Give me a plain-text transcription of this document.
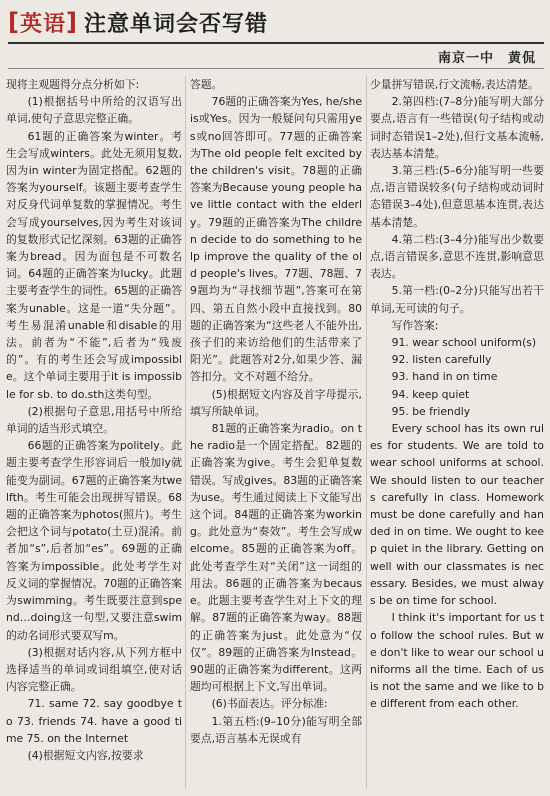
[ 英语 ] 注意单词会否写错
南京一中　黄侃

现将主观题得分点分析如下:

(1)根据括号中所给的汉语写出单词,使句子意思完整正确。

61题的正确答案为winter。考生会写成winters。此处无须用复数,因为in winter为固定搭配。62题的答案为yourself。该题主要考查学生对反身代词单复数的掌握情况。考生会写成yourselves,因为考生对该词的复数形式记忆深刻。63题的正确答案为bread。因为面包是不可数名词。64题的正确答案为lucky。此题主要考查学生的词性。65题的正确答案为unable。这是一道“失分题”。考生易混淆unable和disable的用法。前者为“不能”,后者为“残废的”。有的考生还会写成impossible。这个单词主要用于it is impossible for sb. to do.sth这类句型。

(2)根据句子意思,用括号中所给单词的适当形式填空。

66题的正确答案为politely。此题主要考查学生形容词后一般加ly就能变为副词。67题的正确答案为twelfth。考生可能会出现拼写错误。68题的正确答案为photos(照片)。考生会把这个词与potato(土豆)混淆。前者加“s”,后者加“es”。69题的正确答案为impossible。此处考学生对反义词的掌握情况。70题的正确答案为swimming。考生既要注意到spend…doing这一句型,又要注意swim的动名词形式要双写m。

(3)根据对话内容,从下列方框中选择适当的单词或词组填空,使对话内容完整正确。

71. same 72. say goodbye to 73. friends 74. have a good time 75. on the Internet

(4)根据短文内容,按要求

答题。

76题的正确答案为Yes, he/she is或Yes。因为一般疑问句只需用yes或no回答即可。77题的正确答案为The old people felt excited by the children's visit。78题的正确答案为Because young people have little contact with the elderly。79题的正确答案为The children decide to do something to help improve the quality of the old people's lives。77题、78题、79题均为“寻找细节题”,答案可在第四、第五自然小段中直接找到。80题的正确答案为“这些老人不能外出,孩子们的来访给他们的生活带来了阳光”。此题答对2分,如果少答、漏答扣分。文不对题不给分。

(5)根据短文内容及首字母提示,填写所缺单词。

81题的正确答案为radio。on the radio是一个固定搭配。82题的正确答案为give。考生会犯单复数错误。写成gives。83题的正确答案为use。考生通过阅读上下文能写出这个词。84题的正确答案为working。此处意为“奏效”。考生会写成welcome。85题的正确答案为off。此处考查学生对“关闭”这一词组的用法。86题的正确答案为because。此题主要考查学生对上下文的理解。87题的正确答案为way。88题的正确答案为just。此处意为“仅仅”。89题的正确答案为Instead。90题的正确答案为different。这两题均可根据上下文,写出单词。

(6)书面表达。评分标准:

1.第五档:(9–10分)能写明全部要点,语言基本无误或有

少量拼写错误,行文流畅,表达清楚。

2.第四档:(7–8分)能写明大部分要点,语言有一些错误(句子结构或动词时态错误1–2处),但行文基本流畅,表达基本清楚。

3.第三档:(5–6分)能写明一些要点,语言错误较多(句子结构或动词时态错误3–4处),但意思基本连贯,表达基本清楚。

4.第二档:(3–4分)能写出少数要点,语言错误多,意思不连贯,影响意思表达。

5.第一档:(0–2分)只能写出若干单词,无可读的句子。

写作答案:

91. wear school uniform(s)

92. listen carefully

93. hand in on time

94. keep quiet

95. be friendly

Every school has its own rules for students. We are told to wear school uniforms at school. We should listen to our teachers carefully in class. Homework must be done carefully and handed in on time. We ought to keep quiet in the library. Getting on well with our classmates is necessary. Besides, we must always be on time for school.

I think it's important for us to follow the school rules. But we don't like to wear our school uniforms all the time. Each of us is not the same and we like to be different from each other.
